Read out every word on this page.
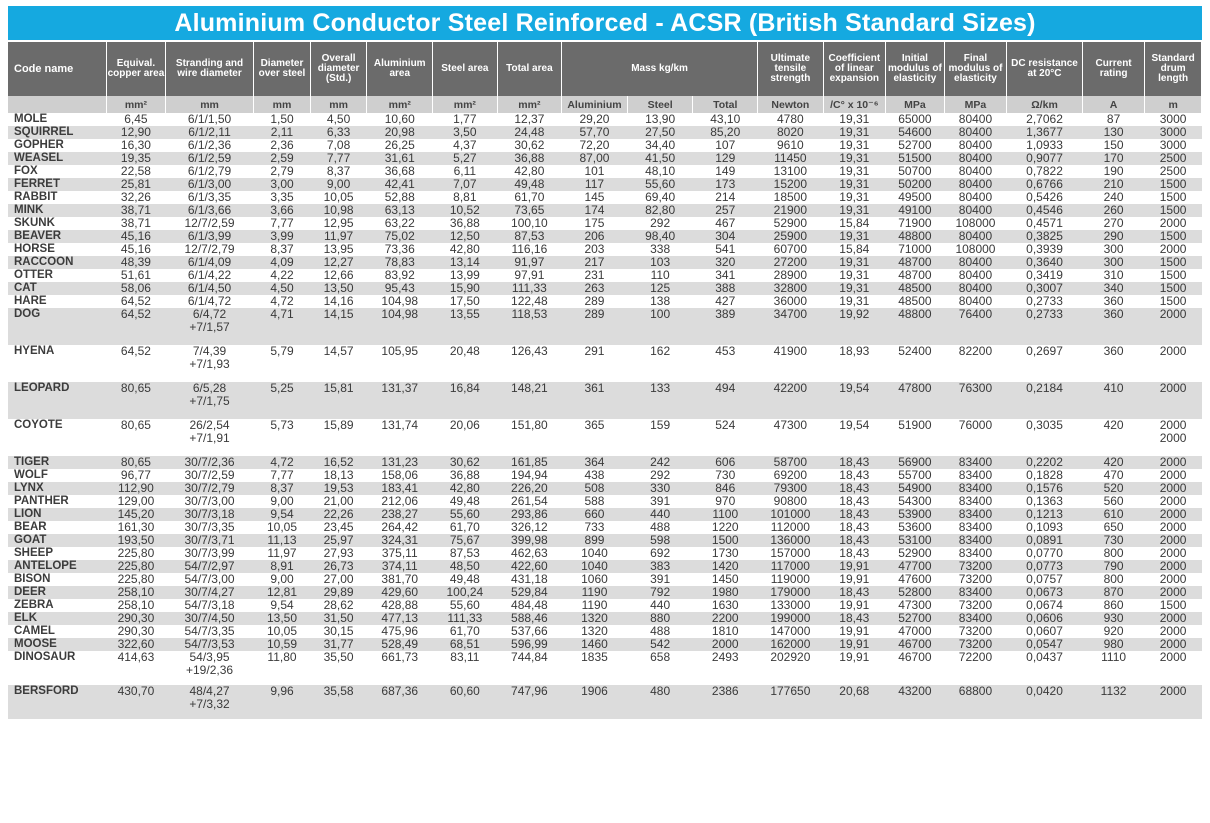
Aluminium Conductor Steel Reinforced - ACSR (British Standard Sizes)
Code name	Equival. copper area	Stranding and wire diameter	Diameter over steel	Overall diameter (Std.)	Aluminium area	Steel area	Total area	Mass kg/km			Ultimate tensile strength	Coefficient of linear expansion	Initial modulus of elasticity	Final modulus of elasticity	DC resistance at 20°C	Current rating	Standard drum length
	mm²	mm	mm	mm	mm²	mm²	mm²	Aluminium	Steel	Total	Newton	/C° x 10⁻⁶	MPa	MPa	Ω/km	A	m
MOLE	6,45	6/1/1,50	1,50	4,50	10,60	1,77	12,37	29,20	13,90	43,10	4780	19,31	65000	80400	2,7062	87	3000
SQUIRREL	12,90	6/1/2,11	2,11	6,33	20,98	3,50	24,48	57,70	27,50	85,20	8020	19,31	54600	80400	1,3677	130	3000
GOPHER	16,30	6/1/2,36	2,36	7,08	26,25	4,37	30,62	72,20	34,40	107	9610	19,31	52700	80400	1,0933	150	3000
WEASEL	19,35	6/1/2,59	2,59	7,77	31,61	5,27	36,88	87,00	41,50	129	11450	19,31	51500	80400	0,9077	170	2500
FOX	22,58	6/1/2,79	2,79	8,37	36,68	6,11	42,80	101	48,10	149	13100	19,31	50700	80400	0,7822	190	2500
FERRET	25,81	6/1/3,00	3,00	9,00	42,41	7,07	49,48	117	55,60	173	15200	19,31	50200	80400	0,6766	210	1500
RABBIT	32,26	6/1/3,35	3,35	10,05	52,88	8,81	61,70	145	69,40	214	18500	19,31	49500	80400	0,5426	240	1500
MINK	38,71	6/1/3,66	3,66	10,98	63,13	10,52	73,65	174	82,80	257	21900	19,31	49100	80400	0,4546	260	1500
SKUNK	38,71	12/7/2,59	7,77	12,95	63,22	36,88	100,10	175	292	467	52900	15,84	71900	108000	0,4571	270	2000
BEAVER	45,16	6/1/3,99	3,99	11,97	75,02	12,50	87,53	206	98,40	304	25900	19,31	48800	80400	0,3825	290	1500
HORSE	45,16	12/7/2,79	8,37	13,95	73,36	42,80	116,16	203	338	541	60700	15,84	71000	108000	0,3939	300	2000
RACCOON	48,39	6/1/4,09	4,09	12,27	78,83	13,14	91,97	217	103	320	27200	19,31	48700	80400	0,3640	300	1500
OTTER	51,61	6/1/4,22	4,22	12,66	83,92	13,99	97,91	231	110	341	28900	19,31	48700	80400	0,3419	310	1500
CAT	58,06	6/1/4,50	4,50	13,50	95,43	15,90	111,33	263	125	388	32800	19,31	48500	80400	0,3007	340	1500
HARE	64,52	6/1/4,72	4,72	14,16	104,98	17,50	122,48	289	138	427	36000	19,31	48500	80400	0,2733	360	1500
DOG	64,52	6/4,72
+7/1,57	4,71	14,15	104,98	13,55	118,53	289	100	389	34700	19,92	48800	76400	0,2733	360	2000
HYENA	64,52	7/4,39
+7/1,93	5,79	14,57	105,95	20,48	126,43	291	162	453	41900	18,93	52400	82200	0,2697	360	2000
LEOPARD	80,65	6/5,28
+7/1,75	5,25	15,81	131,37	16,84	148,21	361	133	494	42200	19,54	47800	76300	0,2184	410	2000
COYOTE	80,65	26/2,54
+7/1,91	5,73	15,89	131,74	20,06	151,80	365	159	524	47300	19,54	51900	76000	0,3035	420	2000
2000
TIGER	80,65	30/7/2,36	4,72	16,52	131,23	30,62	161,85	364	242	606	58700	18,43	56900	83400	0,2202	420	2000
WOLF	96,77	30/7/2,59	7,77	18,13	158,06	36,88	194,94	438	292	730	69200	18,43	55700	83400	0,1828	470	2000
LYNX	112,90	30/7/2,79	8,37	19,53	183,41	42,80	226,20	508	330	846	79300	18,43	54900	83400	0,1576	520	2000
PANTHER	129,00	30/7/3,00	9,00	21,00	212,06	49,48	261,54	588	391	970	90800	18,43	54300	83400	0,1363	560	2000
LION	145,20	30/7/3,18	9,54	22,26	238,27	55,60	293,86	660	440	1100	101000	18,43	53900	83400	0,1213	610	2000
BEAR	161,30	30/7/3,35	10,05	23,45	264,42	61,70	326,12	733	488	1220	112000	18,43	53600	83400	0,1093	650	2000
GOAT	193,50	30/7/3,71	11,13	25,97	324,31	75,67	399,98	899	598	1500	136000	18,43	53100	83400	0,0891	730	2000
SHEEP	225,80	30/7/3,99	11,97	27,93	375,11	87,53	462,63	1040	692	1730	157000	18,43	52900	83400	0,0770	800	2000
ANTELOPE	225,80	54/7/2,97	8,91	26,73	374,11	48,50	422,60	1040	383	1420	117000	19,91	47700	73200	0,0773	790	2000
BISON	225,80	54/7/3,00	9,00	27,00	381,70	49,48	431,18	1060	391	1450	119000	19,91	47600	73200	0,0757	800	2000
DEER	258,10	30/7/4,27	12,81	29,89	429,60	100,24	529,84	1190	792	1980	179000	18,43	52800	83400	0,0673	870	2000
ZEBRA	258,10	54/7/3,18	9,54	28,62	428,88	55,60	484,48	1190	440	1630	133000	19,91	47300	73200	0,0674	860	1500
ELK	290,30	30/7/4,50	13,50	31,50	477,13	111,33	588,46	1320	880	2200	199000	18,43	52700	83400	0,0606	930	2000
CAMEL	290,30	54/7/3,35	10,05	30,15	475,96	61,70	537,66	1320	488	1810	147000	19,91	47000	73200	0,0607	920	2000
MOOSE	322,60	54/7/3,53	10,59	31,77	528,49	68,51	596,99	1460	542	2000	162000	19,91	46700	73200	0,0547	980	2000
DINOSAUR	414,63	54/3,95
+19/2,36	11,80	35,50	661,73	83,11	744,84	1835	658	2493	202920	19,91	46700	72200	0,0437	1110	2000
BERSFORD	430,70	48/4,27
+7/3,32	9,96	35,58	687,36	60,60	747,96	1906	480	2386	177650	20,68	43200	68800	0,0420	1132	2000
